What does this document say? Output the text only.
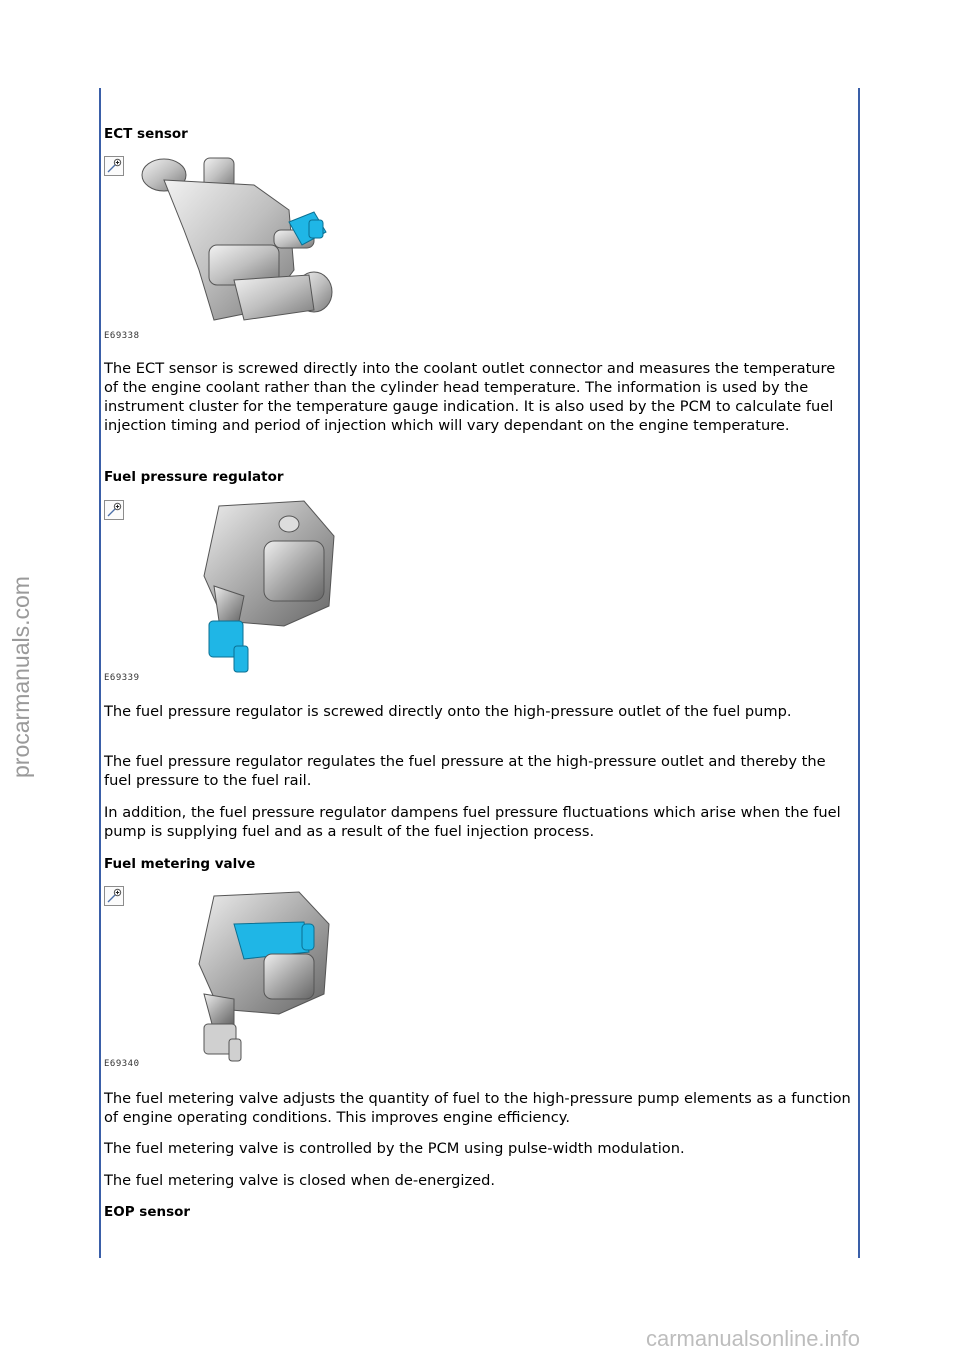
ECT sensor
E69338

The ECT sensor is screwed directly into the coolant outlet connector and measures the temperature of the engine coolant rather than the cylinder head temperature. The information is used by the instrument cluster for the temperature gauge indication. It is also used by the PCM to calculate fuel injection timing and period of injection which will vary dependant on the engine temperature.

Fuel pressure regulator
E69339

The fuel pressure regulator is screwed directly onto the high-pressure outlet of the fuel pump.

The fuel pressure regulator regulates the fuel pressure at the high-pressure outlet and thereby the fuel pressure to the fuel rail.

In addition, the fuel pressure regulator dampens fuel pressure fluctuations which arise when the fuel pump is supplying fuel and as a result of the fuel injection process.

Fuel metering valve
E69340

The fuel metering valve adjusts the quantity of fuel to the high-pressure pump elements as a function of engine operating conditions. This improves engine efficiency.

The fuel metering valve is controlled by the PCM using pulse-width modulation.

The fuel metering valve is closed when de-energized.

EOP sensor
procarmanuals.com
carmanualsonline.info
